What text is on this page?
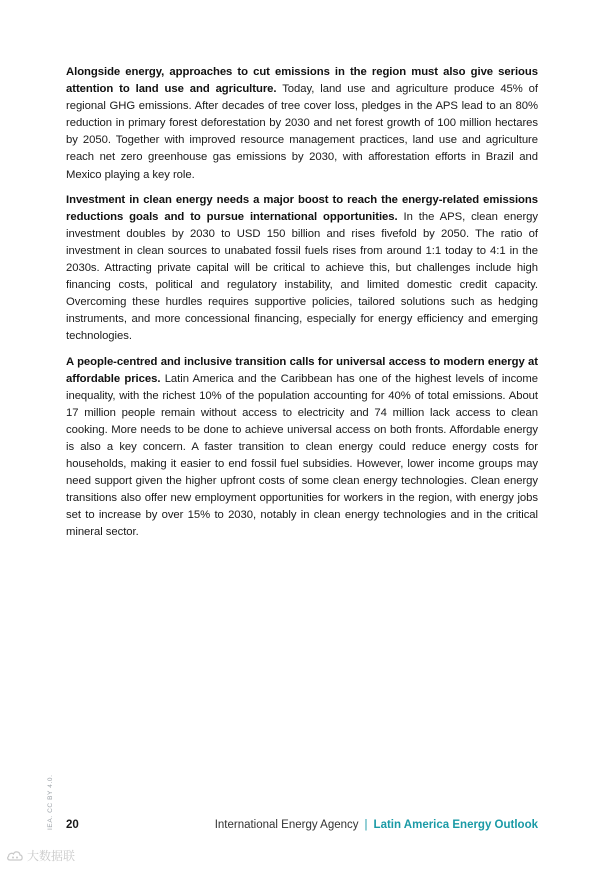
Alongside energy, approaches to cut emissions in the region must also give serious attention to land use and agriculture. Today, land use and agriculture produce 45% of regional GHG emissions. After decades of tree cover loss, pledges in the APS lead to an 80% reduction in primary forest deforestation by 2030 and net forest growth of 100 million hectares by 2050. Together with improved resource management practices, land use and agriculture reach net zero greenhouse gas emissions by 2030, with afforestation efforts in Brazil and Mexico playing a key role.

Investment in clean energy needs a major boost to reach the energy-related emissions reductions goals and to pursue international opportunities. In the APS, clean energy investment doubles by 2030 to USD 150 billion and rises fivefold by 2050. The ratio of investment in clean sources to unabated fossil fuels rises from around 1:1 today to 4:1 in the 2030s. Attracting private capital will be critical to achieve this, but challenges include high financing costs, political and regulatory instability, and limited domestic credit capacity. Overcoming these hurdles requires supportive policies, tailored solutions such as hedging instruments, and more concessional financing, especially for energy efficiency and emerging technologies.

A people-centred and inclusive transition calls for universal access to modern energy at affordable prices. Latin America and the Caribbean has one of the highest levels of income inequality, with the richest 10% of the population accounting for 40% of total emissions. About 17 million people remain without access to electricity and 74 million lack access to clean cooking. More needs to be done to achieve universal access on both fronts. Affordable energy is also a key concern. A faster transition to clean energy could reduce energy costs for households, making it easier to end fossil fuel subsidies. However, lower income groups may need support given the higher upfront costs of some clean energy technologies. Clean energy transitions also offer new employment opportunities for workers in the region, with energy jobs set to increase by over 15% to 2030, notably in clean energy technologies and in the critical mineral sector.

IEA. CC BY 4.0. 20	International Energy Agency | Latin America Energy Outlook
大数据联
